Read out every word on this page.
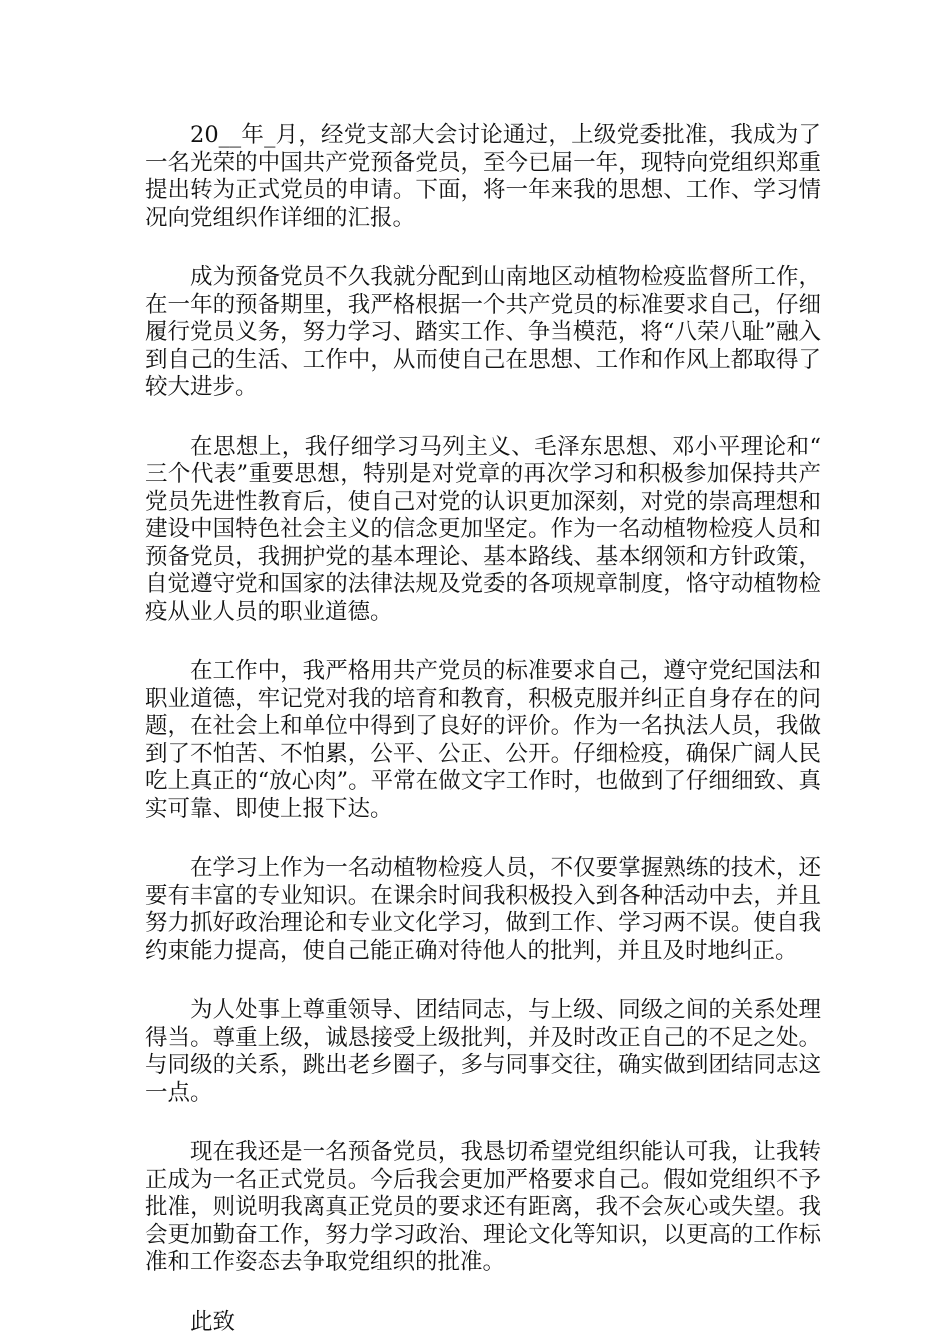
20__年_月，经党支部大会讨论通过，上级党委批准，我成为了一名光荣的中国共产党预备党员，至今已届一年，现特向党组织郑重提出转为正式党员的申请。下面，将一年来我的思想、工作、学习情况向党组织作详细的汇报。

成为预备党员不久我就分配到山南地区动植物检疫监督所工作，在一年的预备期里，我严格根据一个共产党员的标准要求自己，仔细履行党员义务，努力学习、踏实工作、争当模范，将“八荣八耻”融入到自己的生活、工作中，从而使自己在思想、工作和作风上都取得了较大进步。

在思想上，我仔细学习马列主义、毛泽东思想、邓小平理论和“三个代表”重要思想，特别是对党章的再次学习和积极参加保持共产党员先进性教育后，使自己对党的认识更加深刻，对党的崇高理想和建设中国特色社会主义的信念更加坚定。作为一名动植物检疫人员和预备党员，我拥护党的基本理论、基本路线、基本纲领和方针政策，自觉遵守党和国家的法律法规及党委的各项规章制度，恪守动植物检疫从业人员的职业道德。

在工作中，我严格用共产党员的标准要求自己，遵守党纪国法和职业道德，牢记党对我的培育和教育，积极克服并纠正自身存在的问题，在社会上和单位中得到了良好的评价。作为一名执法人员，我做到了不怕苦、不怕累，公平、公正、公开。仔细检疫，确保广阔人民吃上真正的“放心肉”。平常在做文字工作时，也做到了仔细细致、真实可靠、即使上报下达。

在学习上作为一名动植物检疫人员，不仅要掌握熟练的技术，还要有丰富的专业知识。在课余时间我积极投入到各种活动中去，并且努力抓好政治理论和专业文化学习，做到工作、学习两不误。使自我约束能力提高，使自己能正确对待他人的批判，并且及时地纠正。

为人处事上尊重领导、团结同志，与上级、同级之间的关系处理得当。尊重上级，诚恳接受上级批判，并及时改正自己的不足之处。与同级的关系，跳出老乡圈子，多与同事交往，确实做到团结同志这一点。

现在我还是一名预备党员，我恳切希望党组织能认可我，让我转正成为一名正式党员。今后我会更加严格要求自己。假如党组织不予批准，则说明我离真正党员的要求还有距离，我不会灰心或失望。我会更加勤奋工作，努力学习政治、理论文化等知识，以更高的工作标准和工作姿态去争取党组织的批准。

此致
